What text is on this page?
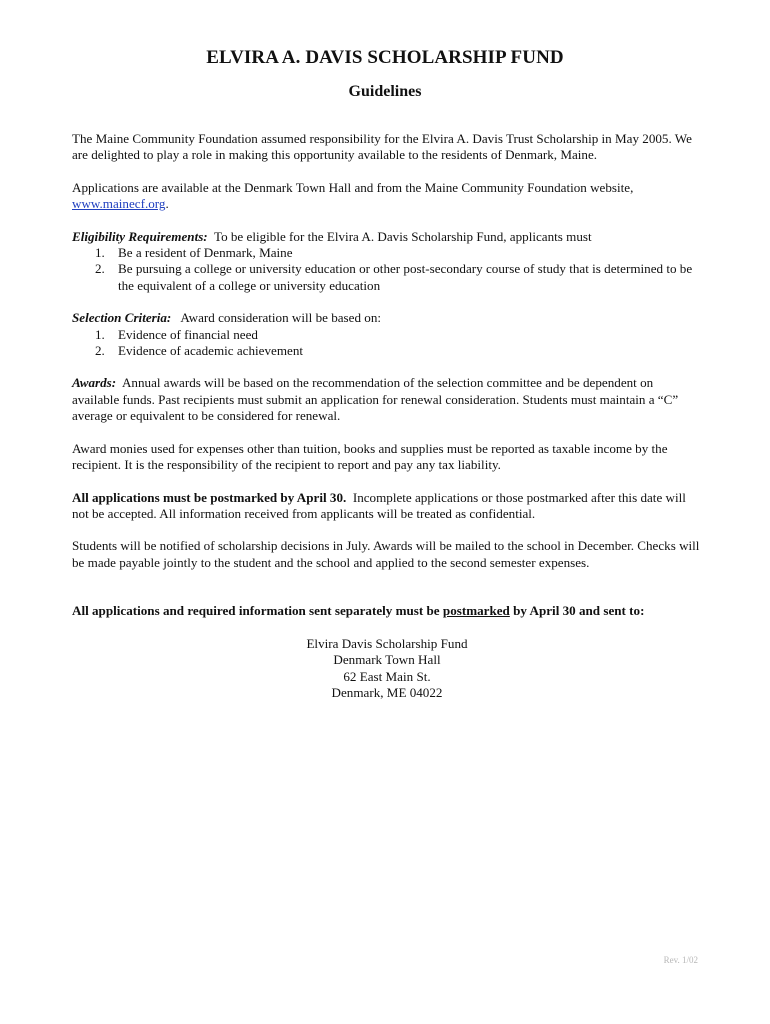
ELVIRA A. DAVIS SCHOLARSHIP FUND
Guidelines

The Maine Community Foundation assumed responsibility for the Elvira A. Davis Trust Scholarship in May 2005. We are delighted to play a role in making this opportunity available to the residents of Denmark, Maine.

Applications are available at the Denmark Town Hall and from the Maine Community Foundation website, www.mainecf.org.

Eligibility Requirements: To be eligible for the Elvira A. Davis Scholarship Fund, applicants must
1. Be a resident of Denmark, Maine
2. Be pursuing a college or university education or other post-secondary course of study that is determined to be the equivalent of a college or university education
Selection Criteria: Award consideration will be based on:
1. Evidence of financial need
2. Evidence of academic achievement

Awards: Annual awards will be based on the recommendation of the selection committee and be dependent on available funds. Past recipients must submit an application for renewal consideration. Students must maintain a “C” average or equivalent to be considered for renewal.

Award monies used for expenses other than tuition, books and supplies must be reported as taxable income by the recipient. It is the responsibility of the recipient to report and pay any tax liability.

All applications must be postmarked by April 30. Incomplete applications or those postmarked after this date will not be accepted. All information received from applicants will be treated as confidential.

Students will be notified of scholarship decisions in July. Awards will be mailed to the school in December. Checks will be made payable jointly to the student and the school and applied to the second semester expenses.

All applications and required information sent separately must be postmarked by April 30 and sent to:

Elvira Davis Scholarship Fund
Denmark Town Hall
62 East Main St.
Denmark, ME 04022
Rev. 1/02
